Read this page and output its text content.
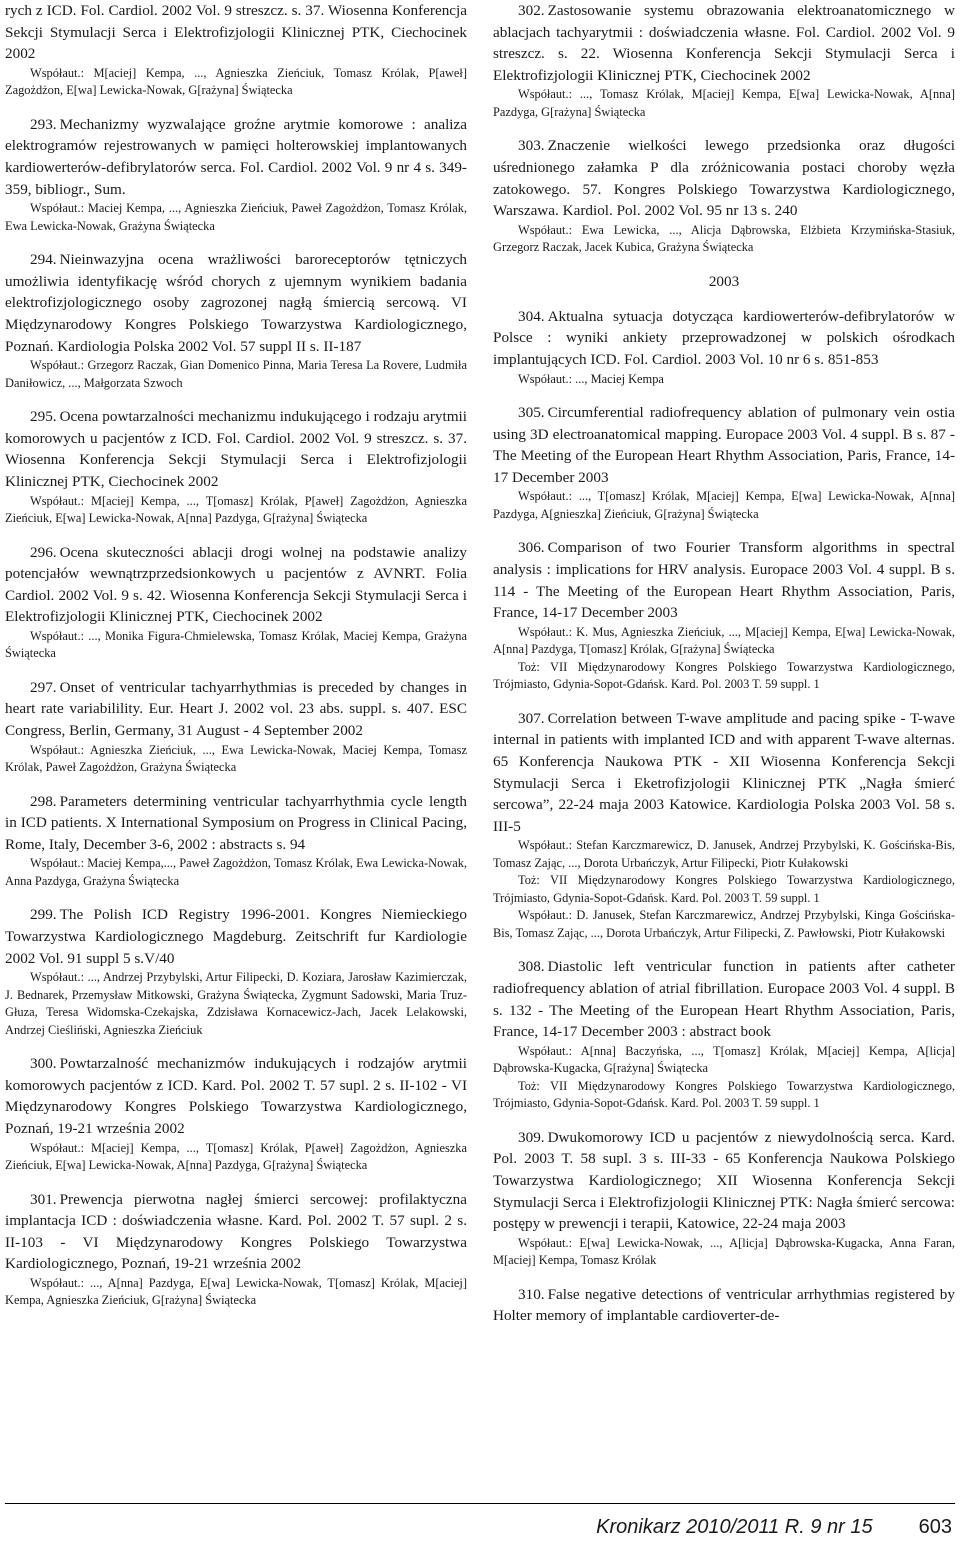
rych z ICD. Fol. Cardiol. 2002 Vol. 9 streszcz. s. 37. Wiosenna Konferencja Sekcji Stymulacji Serca i Elektrofizjologii Klinicznej PTK, Ciechocinek 2002

Współaut.: M[aciej] Kempa, ..., Agnieszka Zieńciuk, Tomasz Królak, P[aweł] Zagożdżon, E[wa] Lewicka-Nowak, G[rażyna] Świątecka

293. Mechanizmy wyzwalające groźne arytmie komorowe : analiza elektrogramów rejestrowanych w pamięci holterowskiej implantowanych kardiowerterów-defibrylatorów serca. Fol. Cardiol. 2002 Vol. 9 nr 4 s. 349-359, bibliogr., Sum.

Współaut.: Maciej Kempa, ..., Agnieszka Zieńciuk, Paweł Zagożdżon, Tomasz Królak, Ewa Lewicka-Nowak, Grażyna Świątecka

294. Nieinwazyjna ocena wrażliwości baroreceptorów tętniczych umożliwia identyfikację wśród chorych z ujemnym wynikiem badania elektrofizjologicznego osoby zagrozonej nagłą śmiercią sercową. VI Międzynarodowy Kongres Polskiego Towarzystwa Kardiologicznego, Poznań. Kardiologia Polska 2002 Vol. 57 suppl II s. II-187

Współaut.: Grzegorz Raczak, Gian Domenico Pinna, Maria Teresa La Rovere, Ludmiła Daniłowicz, ..., Małgorzata Szwoch

295. Ocena powtarzalności mechanizmu indukującego i rodzaju arytmii komorowych u pacjentów z ICD. Fol. Cardiol. 2002 Vol. 9 streszcz. s. 37. Wiosenna Konferencja Sekcji Stymulacji Serca i Elektrofizjologii Klinicznej PTK, Ciechocinek 2002

Współaut.: M[aciej] Kempa, ..., T[omasz] Królak, P[aweł] Zagożdżon, Agnieszka Zieńciuk, E[wa] Lewicka-Nowak, A[nna] Pazdyga, G[rażyna] Świątecka

296. Ocena skuteczności ablacji drogi wolnej na podstawie analizy potencjałów wewnątrzprzedsionkowych u pacjentów z AVNRT. Folia Cardiol. 2002 Vol. 9 s. 42. Wiosenna Konferencja Sekcji Stymulacji Serca i Elektrofizjologii Klinicznej PTK, Ciechocinek 2002

Współaut.: ..., Monika Figura-Chmielewska, Tomasz Królak, Maciej Kempa, Grażyna Świątecka

297. Onset of ventricular tachyarrhythmias is preceded by changes in heart rate variabilility. Eur. Heart J. 2002 vol. 23 abs. suppl. s. 407. ESC Congress, Berlin, Germany, 31 August - 4 September 2002

Współaut.: Agnieszka Zieńciuk, ..., Ewa Lewicka-Nowak, Maciej Kempa, Tomasz Królak, Paweł Zagożdżon, Grażyna Świątecka

298. Parameters determining ventricular tachyarrhythmia cycle length in ICD patients. X International Symposium on Progress in Clinical Pacing, Rome, Italy, December 3-6, 2002 : abstracts s. 94

Współaut.: Maciej Kempa,..., Paweł Zagożdżon, Tomasz Królak, Ewa Lewicka-Nowak, Anna Pazdyga, Grażyna Świątecka

299. The Polish ICD Registry 1996-2001. Kongres Niemieckiego Towarzystwa Kardiologicznego Magdeburg. Zeitschrift fur Kardiologie 2002 Vol. 91 suppl 5 s.V/40

Współaut.: ..., Andrzej Przybylski, Artur Filipecki, D. Koziara, Jarosław Kazimierczak, J. Bednarek, Przemysław Mitkowski, Grażyna Świątecka, Zygmunt Sadowski, Maria Truz- Głuza, Teresa Widomska-Czekajska, Zdzisława Kornacewicz-Jach, Jacek Lelakowski, Andrzej Cieśliński, Agnieszka Zieńciuk

300. Powtarzalność mechanizmów indukujących i rodzajów arytmii komorowych pacjentów z ICD. Kard. Pol. 2002 T. 57 supl. 2 s. II-102 - VI Międzynarodowy Kongres Polskiego Towarzystwa Kardiologicznego, Poznań, 19-21 września 2002

Współaut.: M[aciej] Kempa, ..., T[omasz] Królak, P[aweł] Zagożdżon, Agnieszka Zieńciuk, E[wa] Lewicka-Nowak, A[nna] Pazdyga, G[rażyna] Świątecka

301. Prewencja pierwotna nagłej śmierci sercowej: profilaktyczna implantacja ICD : doświadczenia własne. Kard. Pol. 2002 T. 57 supl. 2 s. II-103 - VI Międzynarodowy Kongres Polskiego Towarzystwa Kardiologicznego, Poznań, 19-21 września 2002

Współaut.: ..., A[nna] Pazdyga, E[wa] Lewicka-Nowak, T[omasz] Królak, M[aciej] Kempa, Agnieszka Zieńciuk, G[rażyna] Świątecka

302. Zastosowanie systemu obrazowania elektroanatomicznego w ablacjach tachyarytmii : doświadczenia własne. Fol. Cardiol. 2002 Vol. 9 streszcz. s. 22. Wiosenna Konferencja Sekcji Stymulacji Serca i Elektrofizjologii Klinicznej PTK, Ciechocinek 2002

Współaut.: ..., Tomasz Królak, M[aciej] Kempa, E[wa] Lewicka-Nowak, A[nna] Pazdyga, G[rażyna] Świątecka

303. Znaczenie wielkości lewego przedsionka oraz długości uśrednionego załamka P dla zróżnicowania postaci choroby węzła zatokowego. 57. Kongres Polskiego Towarzystwa Kardiologicznego, Warszawa. Kardiol. Pol. 2002 Vol. 95 nr 13 s. 240

Współaut.: Ewa Lewicka, ..., Alicja Dąbrowska, Elżbieta Krzymińska-Stasiuk, Grzegorz Raczak, Jacek Kubica, Grażyna Świątecka

2003

304. Aktualna sytuacja dotycząca kardiowerterów-defibrylatorów w Polsce : wyniki ankiety przeprowadzonej w polskich ośrodkach implantujących ICD. Fol. Cardiol. 2003 Vol. 10 nr 6 s. 851-853

Współaut.: ..., Maciej Kempa

305. Circumferential radiofrequency ablation of pulmonary vein ostia using 3D electroanatomical mapping. Europace 2003 Vol. 4 suppl. B s. 87 - The Meeting of the European Heart Rhythm Association, Paris, France, 14-17 December 2003

Współaut.: ..., T[omasz] Królak, M[aciej] Kempa, E[wa] Lewicka-Nowak, A[nna] Pazdyga, A[gnieszka] Zieńciuk, G[rażyna] Świątecka

306. Comparison of two Fourier Transform algorithms in spectral analysis : implications for HRV analysis. Europace 2003 Vol. 4 suppl. B s. 114 - The Meeting of the European Heart Rhythm Association, Paris, France, 14-17 December 2003

Współaut.: K. Mus, Agnieszka Zieńciuk, ..., M[aciej] Kempa, E[wa] Lewicka-Nowak, A[nna] Pazdyga, T[omasz] Królak, G[rażyna] Świątecka

Toż: VII Międzynarodowy Kongres Polskiego Towarzystwa Kardiologicznego, Trójmiasto, Gdynia-Sopot-Gdańsk. Kard. Pol. 2003 T. 59 suppl. 1

307. Correlation between T-wave amplitude and pacing spike - T-wave internal in patients with implanted ICD and with apparent T-wave alternas. 65 Konferencja Naukowa PTK - XII Wiosenna Konferencja Sekcji Stymulacji Serca i Eketrofizjologii Klinicznej PTK „Nagła śmierć sercowa”, 22-24 maja 2003 Katowice. Kardiologia Polska 2003 Vol. 58 s. III-5

Współaut.: Stefan Karczmarewicz, D. Janusek, Andrzej Przybylski, K. Gościńska-Bis, Tomasz Zając, ..., Dorota Urbańczyk, Artur Filipecki, Piotr Kułakowski

Toż: VII Międzynarodowy Kongres Polskiego Towarzystwa Kardiologicznego, Trójmiasto, Gdynia-Sopot-Gdańsk. Kard. Pol. 2003 T. 59 suppl. 1

Współaut.: D. Janusek, Stefan Karczmarewicz, Andrzej Przybylski, Kinga Gościńska-Bis, Tomasz Zając, ..., Dorota Urbańczyk, Artur Filipecki, Z. Pawłowski, Piotr Kułakowski

308. Diastolic left ventricular function in patients after catheter radiofrequency ablation of atrial fibrillation. Europace 2003 Vol. 4 suppl. B s. 132 - The Meeting of the European Heart Rhythm Association, Paris, France, 14-17 December 2003 : abstract book

Współaut.: A[nna] Baczyńska, ..., T[omasz] Królak, M[aciej] Kempa, A[licja] Dąbrowska-Kugacka, G[rażyna] Świątecka

Toż: VII Międzynarodowy Kongres Polskiego Towarzystwa Kardiologicznego, Trójmiasto, Gdynia-Sopot-Gdańsk. Kard. Pol. 2003 T. 59 suppl. 1

309. Dwukomorowy ICD u pacjentów z niewydolnością serca. Kard. Pol. 2003 T. 58 supl. 3 s. III-33 - 65 Konferencja Naukowa Polskiego Towarzystwa Kardiologicznego; XII Wiosenna Konferencja Sekcji Stymulacji Serca i Elektrofizjologii Klinicznej PTK: Nagła śmierć sercowa: postępy w prewencji i terapii, Katowice, 22-24 maja 2003

Współaut.: E[wa] Lewicka-Nowak, ..., A[licja] Dąbrowska-Kugacka, Anna Faran, M[aciej] Kempa, Tomasz Królak

310. False negative detections of ventricular arrhythmias registered by Holter memory of implantable cardioverter-de-

Kronikarz 2010/2011 R. 9 nr 15 603
